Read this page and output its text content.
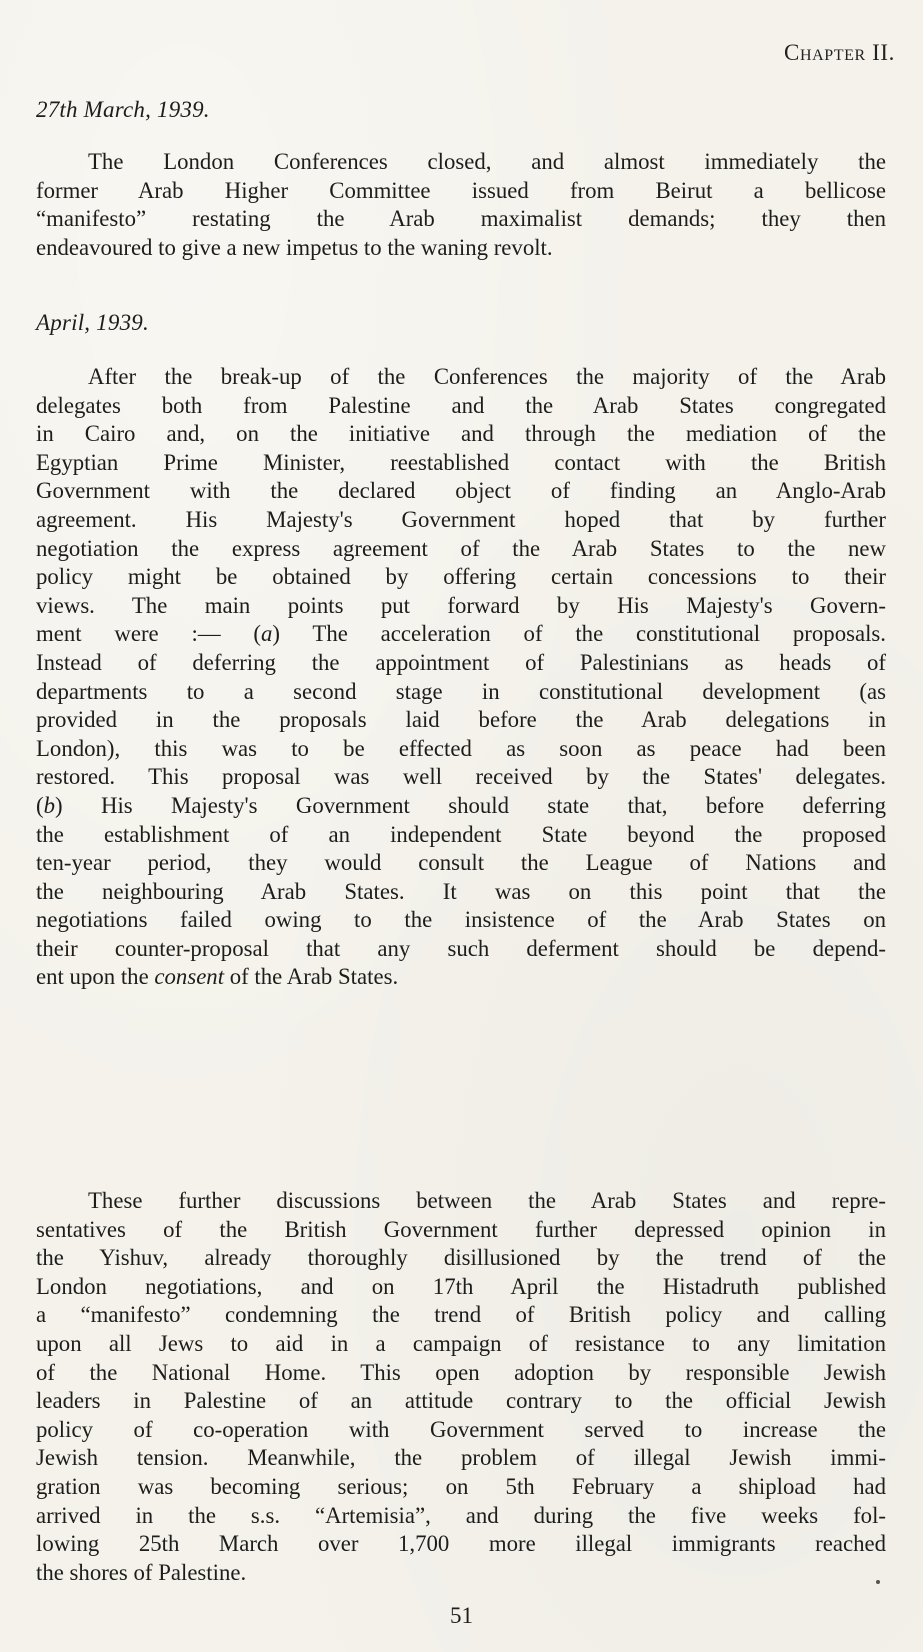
Chapter II.
27th March, 1939.

The London Conferences closed, and almost immediately the
former Arab Higher Committee issued from Beirut a bellicose
“manifesto” restating the Arab maximalist demands; they then
endeavoured to give a new impetus to the waning revolt.

April, 1939.

After the break-up of the Conferences the majority of the Arab
delegates both from Palestine and the Arab States congregated
in Cairo and, on the initiative and through the mediation of the
Egyptian Prime Minister, reestablished contact with the British
Government with the declared object of finding an Anglo-Arab
agreement. His Majesty's Government hoped that by further
negotiation the express agreement of the Arab States to the new
policy might be obtained by offering certain concessions to their
views. The main points put forward by His Majesty's Govern-
ment were :— (a) The acceleration of the constitutional proposals.
Instead of deferring the appointment of Palestinians as heads of
departments to a second stage in constitutional development (as
provided in the proposals laid before the Arab delegations in
London), this was to be effected as soon as peace had been
restored. This proposal was well received by the States' delegates.
(b) His Majesty's Government should state that, before deferring
the establishment of an independent State beyond the proposed
ten-year period, they would consult the League of Nations and
the neighbouring Arab States. It was on this point that the
negotiations failed owing to the insistence of the Arab States on
their counter-proposal that any such deferment should be depend-
ent upon the consent of the Arab States.

These further discussions between the Arab States and repre-
sentatives of the British Government further depressed opinion in
the Yishuv, already thoroughly disillusioned by the trend of the
London negotiations, and on 17th April the Histadruth published
a “manifesto” condemning the trend of British policy and calling
upon all Jews to aid in a campaign of resistance to any limitation
of the National Home. This open adoption by responsible Jewish
leaders in Palestine of an attitude contrary to the official Jewish
policy of co-operation with Government served to increase the
Jewish tension. Meanwhile, the problem of illegal Jewish immi-
gration was becoming serious; on 5th February a shipload had
arrived in the s.s. “Artemisia”, and during the five weeks fol-
lowing 25th March over 1,700 more illegal immigrants reached
the shores of Palestine.

51
